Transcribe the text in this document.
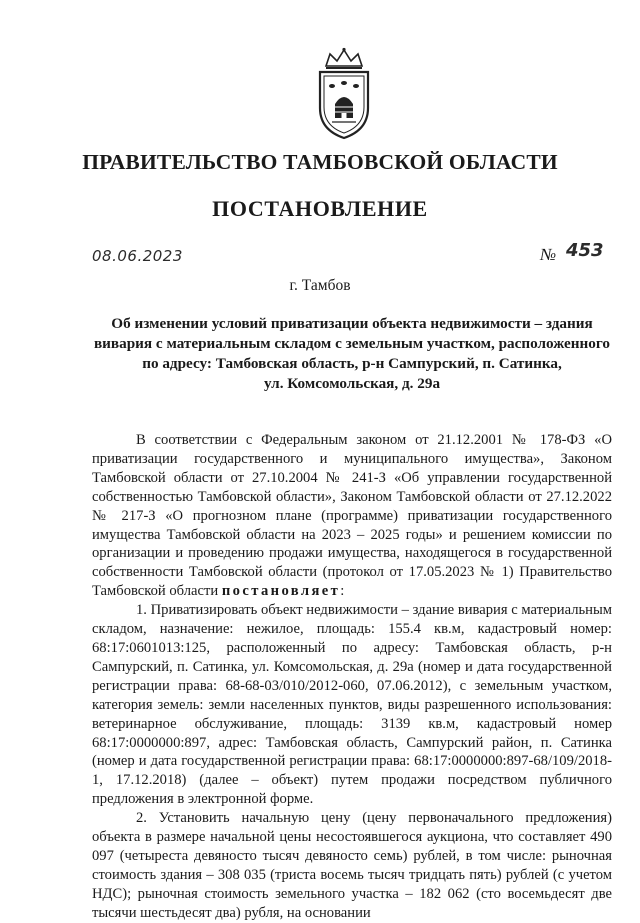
ПРАВИТЕЛЬСТВО ТАМБОВСКОЙ ОБЛАСТИ
ПОСТАНОВЛЕНИЕ
08.06.2023	№ 453
г. Тамбов
Об изменении условий приватизации объекта недвижимости – здания
вивария с материальным складом с земельным участком, расположенного
по адресу: Тамбовская область, р-н Сампурский, п. Сатинка,
ул. Комсомольская, д. 29а

В соответствии с Федеральным законом от 21.12.2001 № 178-ФЗ «О приватизации государственного и муниципального имущества», Законом Тамбовской области от 27.10.2004 № 241-З «Об управлении государственной собственностью Тамбовской области», Законом Тамбовской области от 27.12.2022 № 217-З «О прогнозном плане (программе) приватизации государственного имущества Тамбовской области на 2023 – 2025 годы» и решением комиссии по организации и проведению продажи имущества, находящегося в государственной собственности Тамбовской области (протокол от 17.05.2023 № 1) Правительство Тамбовской области постановляет:

1. Приватизировать объект недвижимости – здание вивария с материальным складом, назначение: нежилое, площадь: 155.4 кв.м, кадастровый номер: 68:17:0601013:125, расположенный по адресу: Тамбовская область, р-н Сампурский, п. Сатинка, ул. Комсомольская, д. 29а (номер и дата государственной регистрации права: 68-68-03/010/2012-060, 07.06.2012), с земельным участком, категория земель: земли населенных пунктов, виды разрешенного использования: ветеринарное обслуживание, площадь: 3139 кв.м, кадастровый номер 68:17:0000000:897, адрес: Тамбовская область, Сампурский район, п. Сатинка (номер и дата государственной регистрации права: 68:17:0000000:897-68/109/2018-1, 17.12.2018) (далее – объект) путем продажи посредством публичного предложения в электронной форме.

2. Установить начальную цену (цену первоначального предложения) объекта в размере начальной цены несостоявшегося аукциона, что составляет 490 097 (четыреста девяносто тысяч девяносто семь) рублей, в том числе: рыночная стоимость здания – 308 035 (триста восемь тысяч тридцать пять) рублей (с учетом НДС); рыночная стоимость земельного участка – 182 062 (сто восемьдесят две тысячи шестьдесят два) рубля, на основании
